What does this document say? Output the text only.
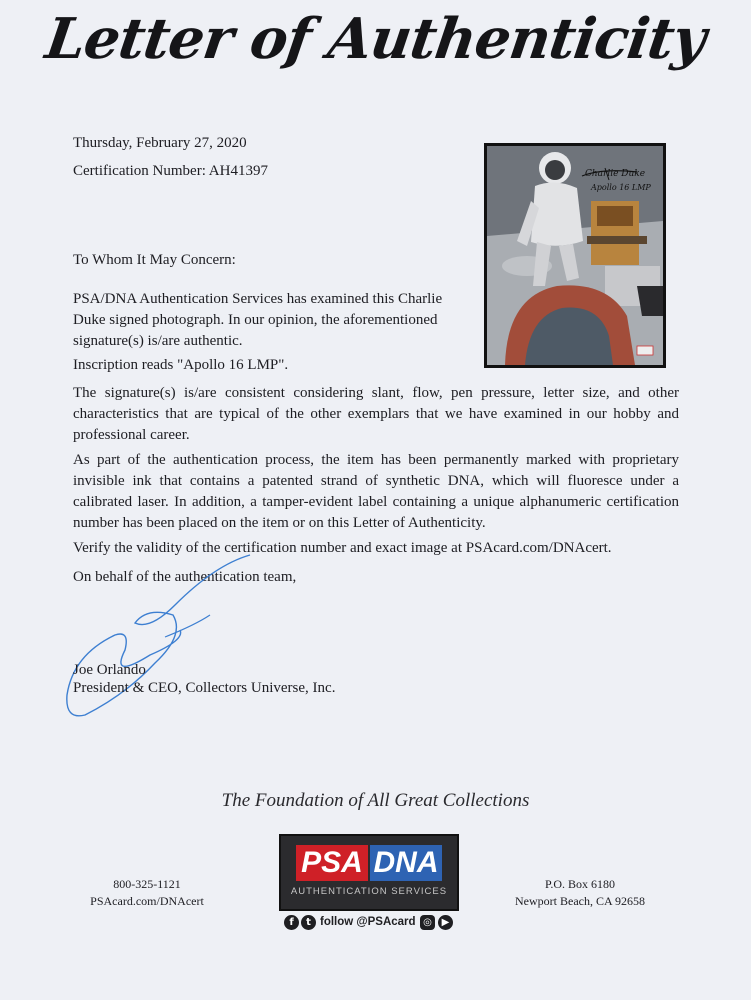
Letter of Authenticity
Thursday, February 27, 2020
Certification Number: AH41397	Charlie Duke
Apollo 16 LMP
To Whom It May Concern:
PSA/DNA Authentication Services has examined this Charlie Duke signed photograph. In our opinion, the aforementioned signature(s) is/are authentic.
Inscription reads "Apollo 16 LMP".
The signature(s) is/are consistent considering slant, flow, pen pressure, letter size, and other characteristics that are typical of the other exemplars that we have examined in our hobby and professional career.
As part of the authentication process, the item has been permanently marked with proprietary invisible ink that contains a patented strand of synthetic DNA, which will fluoresce under a calibrated laser. In addition, a tamper-evident label containing a unique alphanumeric certification number has been placed on the item or on this Letter of Authenticity.
Verify the validity of the certification number and exact image at PSAcard.com/DNAcert.
On behalf of the authentication team,
Joe Orlando
President & CEO, Collectors Universe, Inc.
The Foundation of All Great Collections
800-325-1121
PSAcard.com/DNAcert
PSA DNA
AUTHENTICATION SERVICES
f	t follow @PSAcard ◎ ▶
P.O. Box 6180
Newport Beach, CA 92658
